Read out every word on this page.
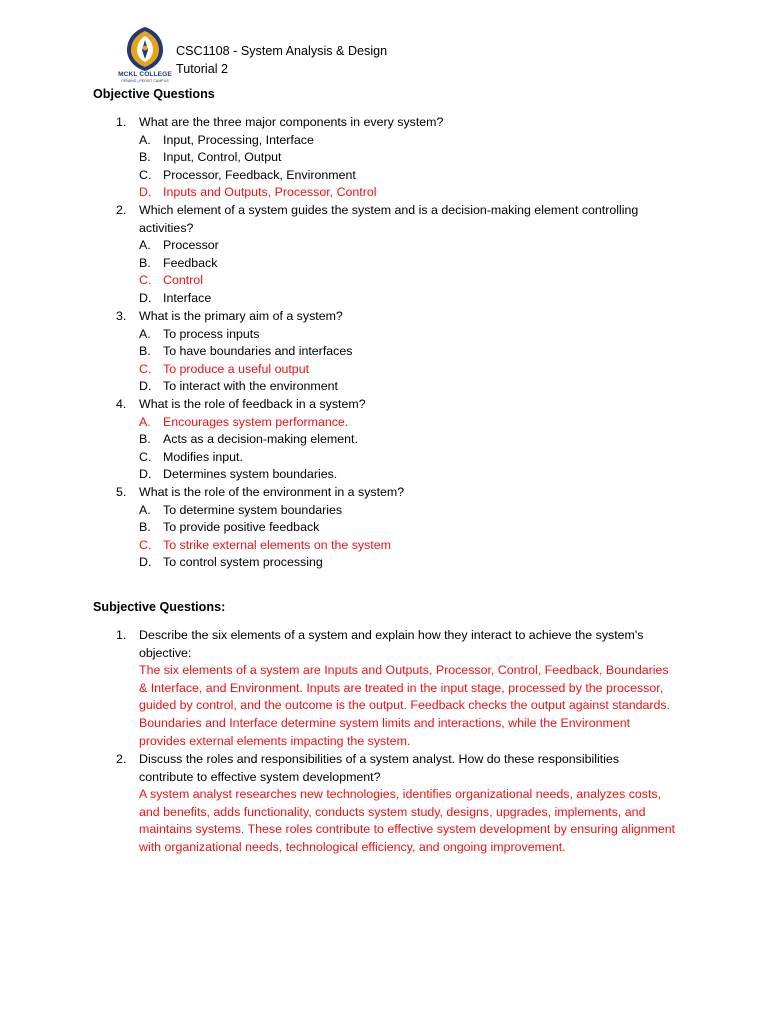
MCKL COLLEGE
PENANG | PERSIT CAMPUS
CSC1108 - System Analysis & Design
Tutorial 2
Objective Questions
1.	What are the three major components in every system?
A. Input, Processing, Interface
B. Input, Control, Output
C. Processor, Feedback, Environment
D. Inputs and Outputs, Processor, Control
2.	Which element of a system guides the system and is a decision-making element controlling activities?
A. Processor
B. Feedback
C. Control
D. Interface
3.	What is the primary aim of a system?
A. To process inputs
B. To have boundaries and interfaces
C. To produce a useful output
D. To interact with the environment
4.	What is the role of feedback in a system?
A. Encourages system performance.
B. Acts as a decision-making element.
C. Modifies input.
D. Determines system boundaries.
5.	What is the role of the environment in a system?
A. To determine system boundaries
B. To provide positive feedback
C. To strike external elements on the system
D. To control system processing
Subjective Questions:
1.	Describe the six elements of a system and explain how they interact to achieve the system's objective:
The six elements of a system are Inputs and Outputs, Processor, Control, Feedback, Boundaries & Interface, and Environment. Inputs are treated in the input stage, processed by the processor, guided by control, and the outcome is the output. Feedback checks the output against standards. Boundaries and Interface determine system limits and interactions, while the Environment provides external elements impacting the system.
2.	Discuss the roles and responsibilities of a system analyst. How do these responsibilities contribute to effective system development?
A system analyst researches new technologies, identifies organizational needs, analyzes costs, and benefits, adds functionality, conducts system study, designs, upgrades, implements, and maintains systems. These roles contribute to effective system development by ensuring alignment with organizational needs, technological efficiency, and ongoing improvement.
